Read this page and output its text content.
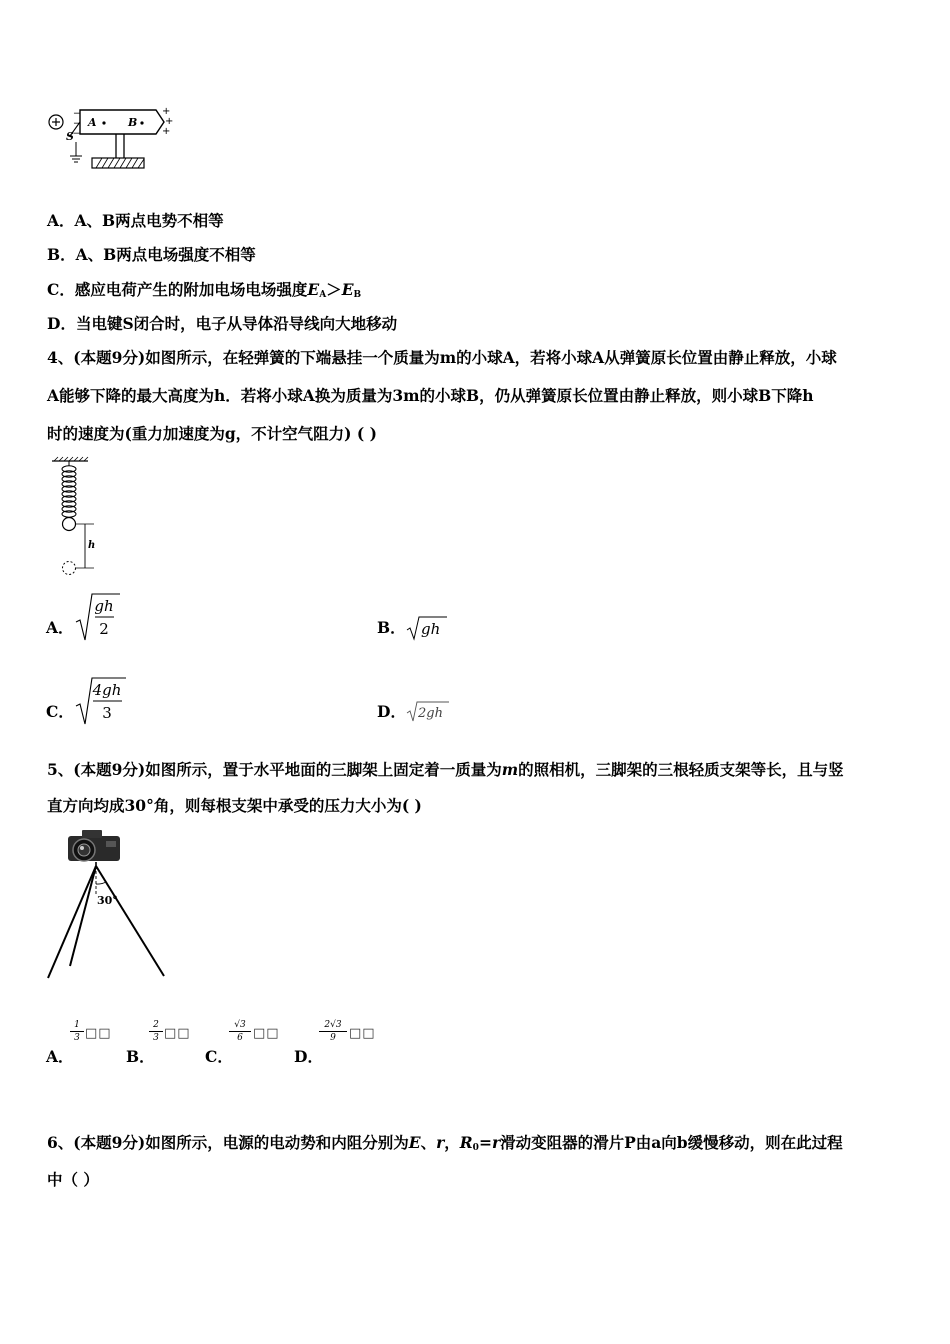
−
−
−
A	B
+
+
+
S
A．A、B两点电势不相等
B．A、B两点电场强度不相等
C．感应电荷产生的附加电场电场强度$E_A>E_B$
D．当电键S闭合时，电子从导体沿导线向大地移动
4、(本题9分)如图所示，在轻弹簧的下端悬挂一个质量为m的小球A，若将小球A从弹簧原长位置由静止释放，小球
A能够下降的最大高度为h．若将小球A换为质量为3m的小球B，仍从弹簧原长位置由静止释放，则小球B下降h
时的速度为(重力加速度为g，不计空气阻力) ( )
h
A．
gh
2	B． gh
C．
4gh
3	D． 2gh
5、(本题9分)如图所示，置于水平地面的三脚架上固定着一质量为m的照相机，三脚架的三根轻质支架等长，且与竖
直方向均成30°角，则每根支架中承受的压力大小为( )
30°
A．
1
3 □□
B．
2
3 □□
C．
√3
6 □□
D．
2√3
9	□□
6、(本题9分)如图所示，电源的电动势和内阻分别为E、r，$R_0=r$滑动变阻器的滑片P由a向b缓慢移动，则在此过程
中（ ）
